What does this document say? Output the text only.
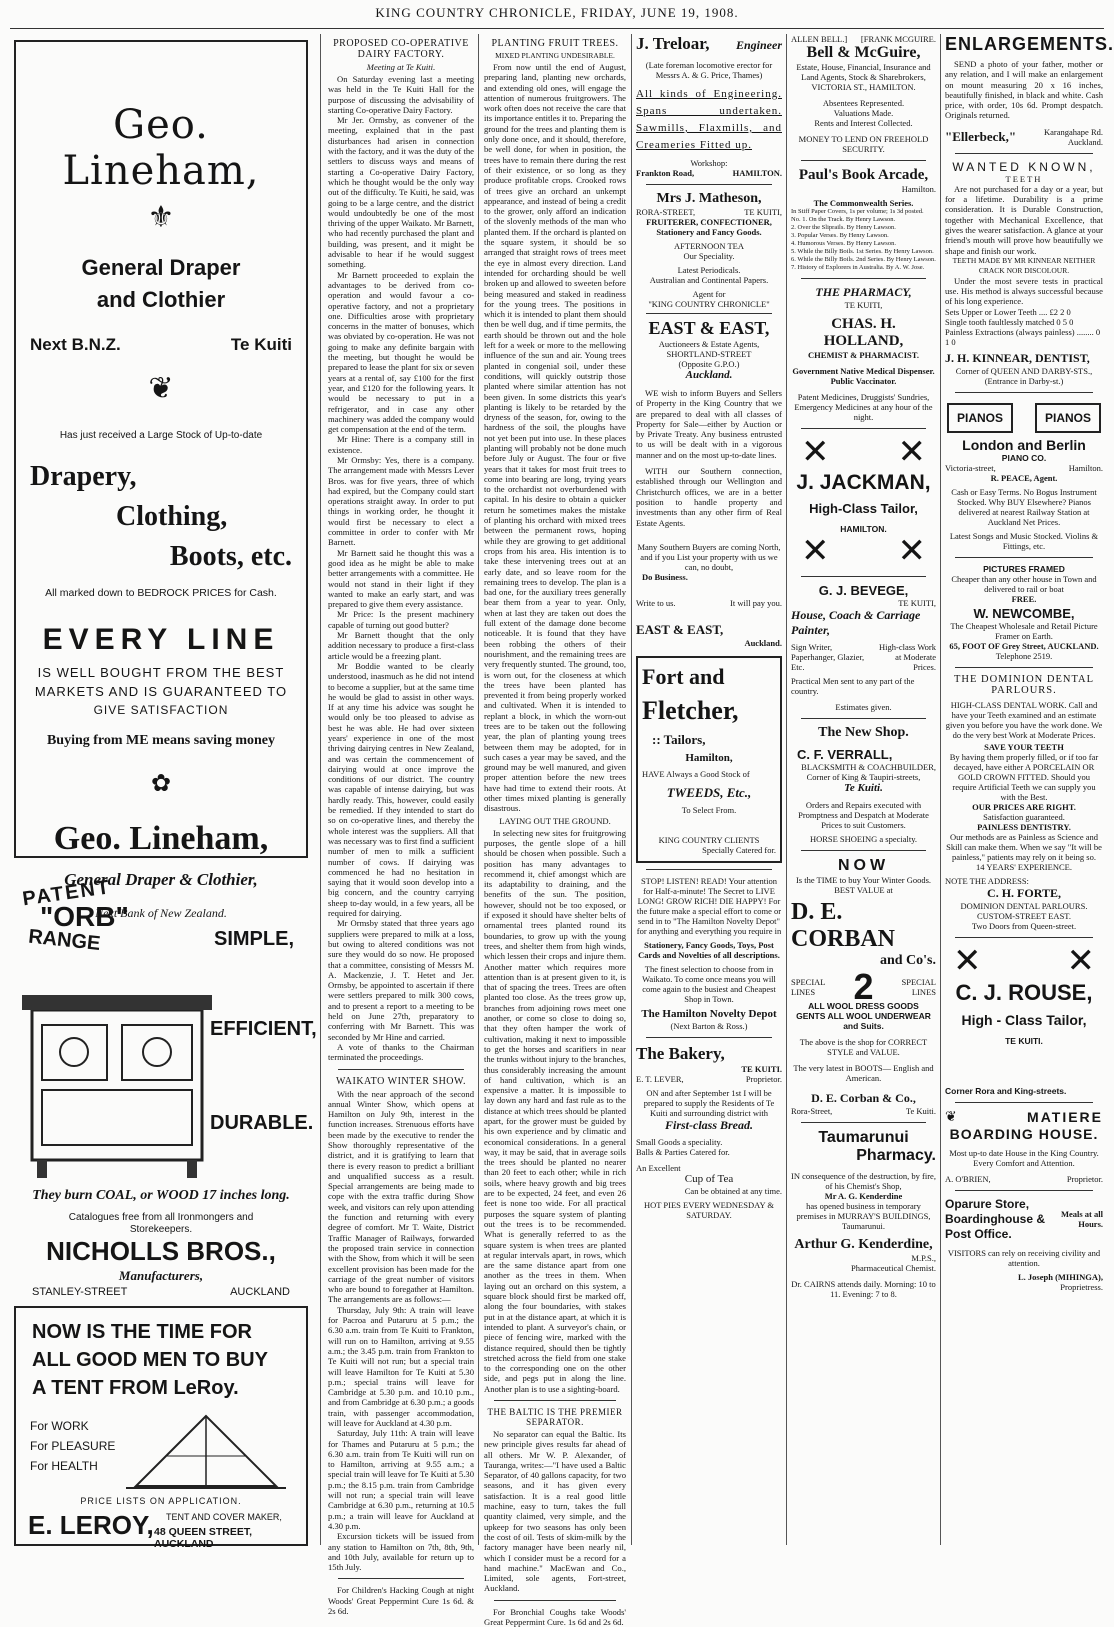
KING COUNTRY CHRONICLE, FRIDAY, JUNE 19, 1908.
Geo. Lineham,
⚜
General Draper
and Clothier
Next B.N.Z.	Te Kuiti
❦
Has just received a Large Stock of Up-to-date
Drapery,
Clothing,
Boots, etc.
All marked down to BEDROCK PRICES for Cash.
EVERY LINE
IS WELL BOUGHT FROM THE BEST MARKETS AND IS GUARANTEED TO
GIVE SATISFACTION
Buying from ME means saving money
✿
Geo. Lineham,
General Draper & Clothier,
Next Bank of New Zealand.
PATENT
"ORB"
RANGE	SIMPLE,
EFFICIENT,
DURABLE.
They burn COAL, or WOOD 17 inches long.
Catalogues free from all Ironmongers and Storekeepers.
NICHOLLS BROS.,
Manufacturers,
STANLEY-STREET	AUCKLAND
NOW IS THE TIME FOR
ALL GOOD MEN TO BUY
A TENT FROM LeRoy.
For WORK
For PLEASURE
For HEALTH
PRICE LISTS ON APPLICATION.
E. LEROY, TENT AND COVER MAKER,
48 QUEEN STREET, AUCKLAND
PROPOSED CO-OPERATIVE DAIRY FACTORY.
Meeting at Te Kuiti.

On Saturday evening last a meeting was held in the Te Kuiti Hall for the purpose of discussing the advisability of starting Co-operative Dairy Factory.

Mr Jer. Ormsby, as convener of the meeting, explained that in the past disturbances had arisen in connection with the factory, and it was the duty of the settlers to discuss ways and means of starting a Co-operative Dairy Factory, which he thought would be the only way out of the difficulty. Te Kuiti, he said, was going to be a large centre, and the district would undoubtedly be one of the most thriving of the upper Waikato. Mr Barnett, who had recently purchased the plant and building, was present, and it might be advisable to hear if he would suggest something.

Mr Barnett proceeded to explain the advantages to be derived from co-operation and would favour a co-operative factory, and not a proprietary one. Difficulties arose with proprietary concerns in the matter of bonuses, which was obviated by co-operation. He was not going to make any definite bargain with the meeting, but thought he would be prepared to lease the plant for six or seven years at a rental of, say £100 for the first year, and £120 for the following years. It would be necessary to put in a refrigerator, and in case any other machinery was added the company would get compensation at the end of the term.

Mr Hine: There is a company still in existence.

Mr Ormsby: Yes, there is a company. The arrangement made with Messrs Lever Bros. was for five years, three of which had expired, but the Company could start operations straight away. In order to put things in working order, he thought it would first be necessary to elect a committee in order to confer with Mr Barnett.

Mr Barnett said he thought this was a good idea as he might be able to make better arrangements with a committee. He would not stand in their light if they wanted to make an early start, and was prepared to give them every assistance.

Mr Price: Is the present machinery capable of turning out good butter?

Mr Barnett thought that the only addition necessary to produce a first-class article would be a freezing plant.

Mr Boddie wanted to be clearly understood, inasmuch as he did not intend to become a supplier, but at the same time he would be glad to assist in other ways. If at any time his advice was sought he would only be too pleased to advise as best he was able. He had over sixteen years' experience in one of the most thriving dairying centres in New Zealand, and was certain the commencement of dairying would at once improve the conditions of our district. The country was capable of intense dairying, but was hardly ready. This, however, could easily be remedied. If they intended to start do so on co-operative lines, and thereby the whole interest was the suppliers. All that was necessary was to first find a sufficient number of men to milk a sufficient number of cows. If dairying was commenced he had no hesitation in saying that it would soon develop into a big concern, and the country carrying sheep to-day would, in a few years, all be required for dairying.

Mr Ormsby stated that three years ago suppliers were prepared to milk at a loss, but owing to altered conditions was not sure they would do so now. He proposed that a committee, consisting of Messrs M. A. Mackenzie, J. T. Hetet and Jer. Ormsby, be appointed to ascertain if there were settlers prepared to milk 300 cows, and to present a report to a meeting to be held on June 27th, preparatory to conferring with Mr Barnett. This was seconded by Mr Hine and carried.

A vote of thanks to the Chairman terminated the proceedings.

WAIKATO WINTER SHOW.

With the near approach of the second annual Winter Show, which opens at Hamilton on July 9th, interest in the function increases. Strenuous efforts have been made by the executive to render the Show thoroughly representative of the district, and it is gratifying to learn that there is every reason to predict a brilliant and unqualified success as a result. Special arrangements are being made to cope with the extra traffic during Show week, and visitors can rely upon attending the function and returning with every degree of comfort. Mr T. Waite, District Traffic Manager of Railways, forwarded the proposed train service in connection with the Show, from which it will be seen excellent provision has been made for the carriage of the great number of visitors who are bound to foregather at Hamilton. The arrangements are as follows:—

Thursday, July 9th: A train will leave for Pacroa and Putaruru at 5 p.m.; the 6.30 a.m. train from Te Kuiti to Frankton, will run on to Hamilton, arriving at 9.55 a.m.; the 3.45 p.m. train from Frankton to Te Kuiti will not run; but a special train will leave Hamilton for Te Kuiti at 5.30 p.m.; special trains will leave for Cambridge at 5.30 p.m. and 10.10 p.m., and from Cambridge at 6.30 p.m.; a goods train, with passenger accommodation, will leave for Auckland at 4.30 p.m.

Saturday, July 11th: A train will leave for Thames and Putaruru at 5 p.m.; the 6.30 a.m. train from Te Kuiti will run on to Hamilton, arriving at 9.55 a.m.; a special train will leave for Te Kuiti at 5.30 p.m.; the 8.15 p.m. train from Cambridge will not run; a special train will leave Cambridge at 6.30 p.m., returning at 10.5 p.m.; a train will leave for Auckland at 4.30 p.m.

Excursion tickets will be issued from any station to Hamilton on 7th, 8th, 9th, and 10th July, available for return up to 15th July.

For Children's Hacking Cough at night Woods' Great Peppermint Cure 1s 6d. & 2s 6d.

PLANTING FRUIT TREES.
MIXED PLANTING UNDESIRABLE.

From now until the end of August, preparing land, planting new orchards, and extending old ones, will engage the attention of numerous fruitgrowers. The work often does not receive the care that its importance entitles it to. Preparing the ground for the trees and planting them is only done once, and it should, therefore, be well done, for when in position, the trees have to remain there during the rest of their existence, or so long as they produce profitable crops. Crooked rows of trees give an orchard an unkempt appearance, and instead of being a credit to the grower, only afford an indication of the slovenly methods of the man who planted them. If the orchard is planted on the square system, it should be so arranged that straight rows of trees meet the eye in almost every direction. Land intended for orcharding should be well broken up and allowed to sweeten before being measured and staked in readiness for the young trees. The positions in which it is intended to plant them should then be well dug, and if time permits, the earth should be thrown out and the hole left for a week or more to the mellowing influence of the sun and air. Young trees planted in congenial soil, under these conditions, will quickly outstrip those planted where similar attention has not been given. In some districts this year's planting is likely to be retarded by the dryness of the season, for, owing to the hardness of the soil, the ploughs have not yet been put into use. In these places planting will probably not be done much before July or August. The four or five years that it takes for most fruit trees to come into bearing are long, trying years to the orchardist not overburdened with capital. In his desire to obtain a quicker return he sometimes makes the mistake of planting his orchard with mixed trees between the permanent rows, hoping while they are growing to get additional crops from his area. His intention is to take these intervening trees out at an early date, and so leave room for the remaining trees to develop. The plan is a bad one, for the auxiliary trees generally bear them from a year to year. Only, when at last they are taken out does the full extent of the damage done become noticeable. It is found that they have been robbing the others of their nourishment, and the remaining trees are very frequently stunted. The ground, too, is worn out, for the closeness at which the trees have been planted has prevented it from being properly worked and cultivated. When it is intended to replant a block, in which the worn-out trees are to be taken out the following year, the plan of planting young trees between them may be adopted, for in such cases a year may be saved, and the ground may be well manured, and given proper attention before the new trees have had time to extend their roots. At other times mixed planting is generally disastrous.

LAYING OUT THE GROUND.

In selecting new sites for fruitgrowing purposes, the gentle slope of a hill should be chosen when possible. Such a position has many advantages to recommend it, chief amongst which are its adaptability to draining, and the benefits of the sun. The position, however, should not be too exposed, or if exposed it should have shelter belts of ornamental trees planted round its boundaries, to grow up with the young trees, and shelter them from high winds, which lessen their crops and injure them. Another matter which requires more attention than is at present given to it, is that of spacing the trees. Trees are often planted too close. As the trees grow up, branches from adjoining rows meet one another, or come so close to doing so, that they often hamper the work of cultivation, making it next to impossible to get the horses and scarifiers in near the trunks without injury to the branches, thus considerably increasing the amount of hand cultivation, which is an expensive a matter. It is impossible to lay down any hard and fast rule as to the distance at which trees should be planted apart, for the grower must be guided by his own experience and by climatic and economical considerations. In a general way, it may be said, that in average soils the trees should be planted no nearer than 20 feet to each other; while in rich soils, where heavy growth and big trees are to be expected, 24 feet, and even 26 feet is none too wide. For all practical purposes the square system of planting out the trees is to be recommended. What is generally referred to as the square system is when trees are planted at regular intervals apart, in rows, which are the same distance apart from one another as the trees in them. When laying out an orchard on this system, a square block should first be marked off, along the four boundaries, with stakes put in at the distance apart, at which it is intended to plant. A surveyor's chain, or piece of fencing wire, marked with the distance required, should then be tightly stretched across the field from one stake to the corresponding one on the other side, and pegs put in along the line. Another plan is to use a sighting-board.

THE BALTIC IS THE PREMIER SEPARATOR.

No separator can equal the Baltic. Its new principle gives results far ahead of all others. Mr W. P. Alexander, of Tauranga, writes:—"I have used a Baltic Separator, of 40 gallons capacity, for two seasons, and it has given every satisfaction. It is a real good little machine, easy to turn, takes the full quantity claimed, very simple, and the upkeep for two seasons has only been the cost of oil. Tests of skim-milk by the factory manager have been nearly nil, which I consider must be a record for a hand machine." MacEwan and Co., Limited, sole agents, Fort-street, Auckland.

For Bronchial Coughs take Woods' Great Peppermint Cure. 1s 6d and 2s 6d.

J. Treloar, Engineer
(Late foreman locomotive erector for Messrs A. & G. Price, Thames)
All kinds of Engineering. Spans undertaken. Sawmills, Flaxmills, and Creameries Fitted up.
Workshop:
Frankton Road,	HAMILTON.
Mrs J. Matheson,
RORA-STREET,	TE KUITI,
FRUITERER, CONFECTIONER,
Stationery and Fancy Goods.
AFTERNOON TEA
Our Speciality.
Latest Periodicals.
Australian and Continental Papers.
Agent for
"KING COUNTRY CHRONICLE"
EAST & EAST,
Auctioneers & Estate Agents,
SHORTLAND-STREET
(Opposite G.P.O.)
Auckland.

WE wish to inform Buyers and Sellers of Property in the King Country that we are prepared to deal with all classes of Property for Sale—either by Auction or by Private Treaty. Any business entrusted to us will be dealt with in a vigorous manner and on the most up-to-date lines.

WITH our Southern connection, established through our Wellington and Christchurch offices, we are in a better position to handle property and investments than any other firm of Real Estate Agents.

Many Southern Buyers are coming North, and if you List your property with us we can, no doubt,
Do Business.
Write to us.	It will pay you.
EAST & EAST,
Auckland.
Fort and
Fletcher,
:: Tailors,
Hamilton,
HAVE Always a Good Stock of
TWEEDS, Etc.,
To Select From.
KING COUNTRY CLIENTS
Specially Catered for.
STOP! LISTEN! READ! Your attention for Half-a-minute! The Secret to LIVE LONG! GROW RICH! DIE HAPPY! For the future make a special effort to come or send in to "The Hamilton Novelty Depot" for anything and everything you require in
Stationery, Fancy Goods, Toys, Post Cards and Novelties of all descriptions.
The finest selection to choose from in Waikato. To come once means you will come again to the busiest and Cheapest Shop in Town.
The Hamilton Novelty Depot
(Next Barton & Ross.)
The Bakery,
TE KUITI.
E. T. LEVER,	Proprietor.
ON and after September 1st I will be prepared to supply the Residents of Te Kuiti and surrounding district with
First-class Bread.
Small Goods a speciality.
Balls & Parties Catered for.
An Excellent
Cup of Tea
Can be obtained at any time.
HOT PIES EVERY WEDNESDAY & SATURDAY.
ALLEN BELL.] [FRANK MCGUIRE.
Bell & McGuire,
Estate, House, Financial, Insurance and Land Agents, Stock & Sharebrokers,
VICTORIA ST., HAMILTON.
Absentees Represented.
Valuations Made.
Rents and Interest Collected.
MONEY TO LEND ON FREEHOLD SECURITY.
Paul's Book Arcade,
Hamilton.
The Commonwealth Series.
In Stiff Paper Covers, 1s per volume; 1s 3d posted.
No. 1. On the Track. By Henry Lawson.
2. Over the Sliprails. By Henry Lawson.
3. Popular Verses. By Henry Lawson.
4. Humorous Verses. By Henry Lawson.
5. While the Billy Boils. 1st Series. By Henry Lawson.
6. While the Billy Boils. 2nd Series. By Henry Lawson.
7. History of Explorers in Australia. By A. W. Jose.
THE PHARMACY,
TE KUITI,
CHAS. H. HOLLAND,
CHEMIST & PHARMACIST.
Government Native Medical Dispenser. Public Vaccinator.
Patent Medicines, Druggists' Sundries, Emergency Medicines at any hour of the night.
✕ ✕
J. JACKMAN,
High-Class Tailor,
HAMILTON.
✕ ✕
G. J. BEVEGE,
TE KUITI,
House, Coach & Carriage Painter,
Sign Writer, Paperhanger, Glazier, Etc.
High-class Work at Moderate Prices.
Practical Men sent to any part of the country.
Estimates given.
The New Shop.
C. F. VERRALL,
BLACKSMITH & COACHBUILDER,
Corner of King & Taupiri-streets,
Te Kuiti.
Orders and Repairs executed with Promptness and Despatch at Moderate Prices to suit Customers.
HORSE SHOEING a specialty.
NOW
Is the TIME to buy Your Winter Goods. BEST VALUE at
D. E. CORBAN
and Co's.
SPECIAL
LINES 2	SPECIAL
LINES
ALL WOOL DRESS GOODS
GENTS ALL WOOL UNDERWEAR and Suits.
The above is the shop for CORRECT STYLE and VALUE.
The very latest in BOOTS— English and American.
D. E. Corban & Co.,
Rora-Street,	Te Kuiti.
Taumarunui
Pharmacy.
IN consequence of the destruction, by fire, of his Chemist's Shop,
Mr A. G. Kenderdine
has opened business in temporary premises in MURRAY'S BUILDINGS, Taumarunui.
Arthur G. Kenderdine,
M.P.S.,
Pharmaceutical Chemist.
Dr. CAIRNS attends daily. Morning: 10 to 11. Evening: 7 to 8.
ENLARGEMENTS.

SEND a photo of your father, mother or any relation, and I will make an enlargement on mount measuring 20 x 16 inches, beautifully finished, in black and white. Cash price, with order, 10s 6d. Prompt despatch. Originals returned.

"Ellerbeck,"	Karangahape Rd. Auckland.
WANTED KNOWN,
TEETH

Are not purchased for a day or a year, but for a lifetime. Durability is a prime consideration. It is Durable Construction, together with Mechanical Excellence, that gives the wearer satisfaction. A glance at your friend's mouth will prove how beautifully we shape and finish our work.

TEETH MADE BY MR KINNEAR NEITHER CRACK NOR DISCOLOUR.

Under the most severe tests in practical use. His method is always successful because of his long experience.

Sets Upper or Lower Teeth .... £2 2 0
Single tooth faultlessly matched 0 5 0
Painless Extractions (always painless) ........ 0 1 0
J. H. KINNEAR, DENTIST,
Corner of QUEEN AND DARBY-STS.,
(Entrance in Darby-st.)
PIANOS	PIANOS
London and Berlin
PIANO CO.
Victoria-street,	Hamilton.
R. PEACE, Agent.
Cash or Easy Terms. No Bogus Instrument Stocked. Why BUY Elsewhere? Pianos delivered at nearest Railway Station at Auckland Net Prices.
Latest Songs and Music Stocked. Violins & Fittings, etc.
PICTURES FRAMED
Cheaper than any other house in Town and delivered to rail or boat
FREE.
W. NEWCOMBE,
The Cheapest Wholesale and Retail Picture Framer on Earth.
65, FOOT OF Grey Street, AUCKLAND.
Telephone 2519.
THE DOMINION DENTAL PARLOURS.
HIGH-CLASS DENTAL WORK. Call and have your Teeth examined and an estimate given you before you have the work done. We do the very best Work at Moderate Prices.
SAVE YOUR TEETH
By having them properly filled, or if too far decayed, have either A PORCELAIN OR GOLD CROWN FITTED. Should you require Artificial Teeth we can supply you with the Best.
OUR PRICES ARE RIGHT.
Satisfaction guaranteed.
PAINLESS DENTISTRY.
Our methods are as Painless as Science and Skill can make them. When we say "It will be painless," patients may rely on it being so.
14 YEARS' EXPERIENCE.
NOTE THE ADDRESS:
C. H. FORTE,
DOMINION DENTAL PARLOURS.
CUSTOM-STREET EAST.
Two Doors from Queen-street.
✕	✕
C. J. ROUSE,
High - Class Tailor,
TE KUITI.
Corner Rora and King-streets.
❦	MATIERE
BOARDING HOUSE.
Most up-to date House in the King Country. Every Comfort and Attention.
A. O'BRIEN,	Proprietor.
Oparure Store, Boardinghouse & Post Office.
Meals at all Hours.
VISITORS can rely on receiving civility and attention.
L. Joseph (MIHINGA),
Proprietress.
